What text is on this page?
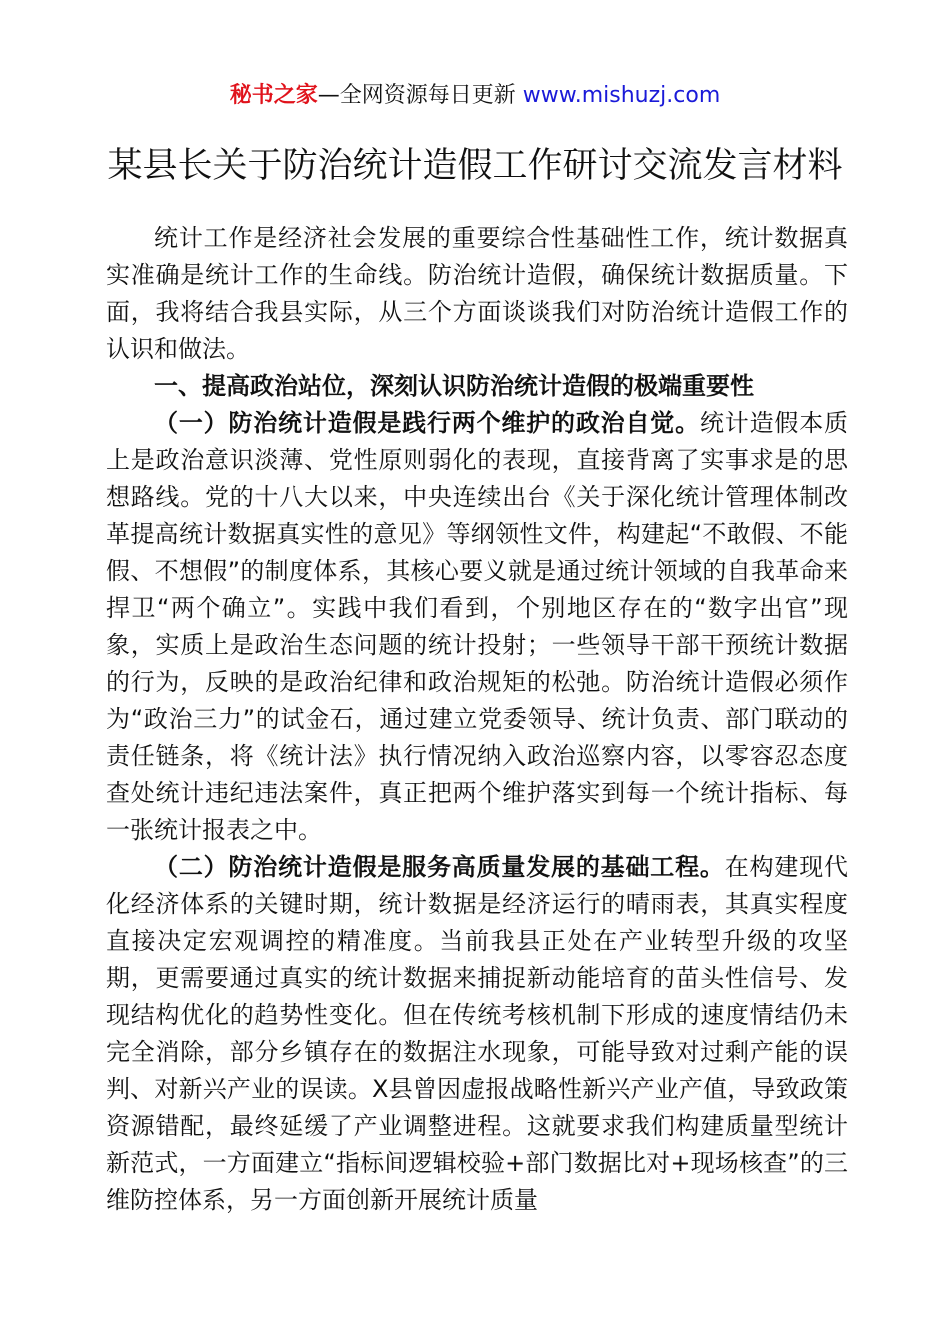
秘书之家—全网资源每日更新 www.mishuzj.com
某县长关于防治统计造假工作研讨交流发言材料

统计工作是经济社会发展的重要综合性基础性工作，统计数据真实准确是统计工作的生命线。防治统计造假，确保统计数据质量。下面，我将结合我县实际，从三个方面谈谈我们对防治统计造假工作的认识和做法。

一、提高政治站位，深刻认识防治统计造假的极端重要性

（一）防治统计造假是践行两个维护的政治自觉。统计造假本质上是政治意识淡薄、党性原则弱化的表现，直接背离了实事求是的思想路线。党的十八大以来，中央连续出台《关于深化统计管理体制改革提高统计数据真实性的意见》等纲领性文件，构建起“不敢假、不能假、不想假”的制度体系，其核心要义就是通过统计领域的自我革命来捍卫“两个确立”。实践中我们看到，个别地区存在的“数字出官”现象，实质上是政治生态问题的统计投射；一些领导干部干预统计数据的行为，反映的是政治纪律和政治规矩的松弛。防治统计造假必须作为“政治三力”的试金石，通过建立党委领导、统计负责、部门联动的责任链条，将《统计法》执行情况纳入政治巡察内容，以零容忍态度查处统计违纪违法案件，真正把两个维护落实到每一个统计指标、每一张统计报表之中。

（二）防治统计造假是服务高质量发展的基础工程。在构建现代化经济体系的关键时期，统计数据是经济运行的晴雨表，其真实程度直接决定宏观调控的精准度。当前我县正处在产业转型升级的攻坚期，更需要通过真实的统计数据来捕捉新动能培育的苗头性信号、发现结构优化的趋势性变化。但在传统考核机制下形成的速度情结仍未完全消除，部分乡镇存在的数据注水现象，可能导致对过剩产能的误判、对新兴产业的误读。X县曾因虚报战略性新兴产业产值，导致政策资源错配，最终延缓了产业调整进程。这就要求我们构建质量型统计新范式，一方面建立“指标间逻辑校验+部门数据比对+现场核查”的三维防控体系，另一方面创新开展统计质量
